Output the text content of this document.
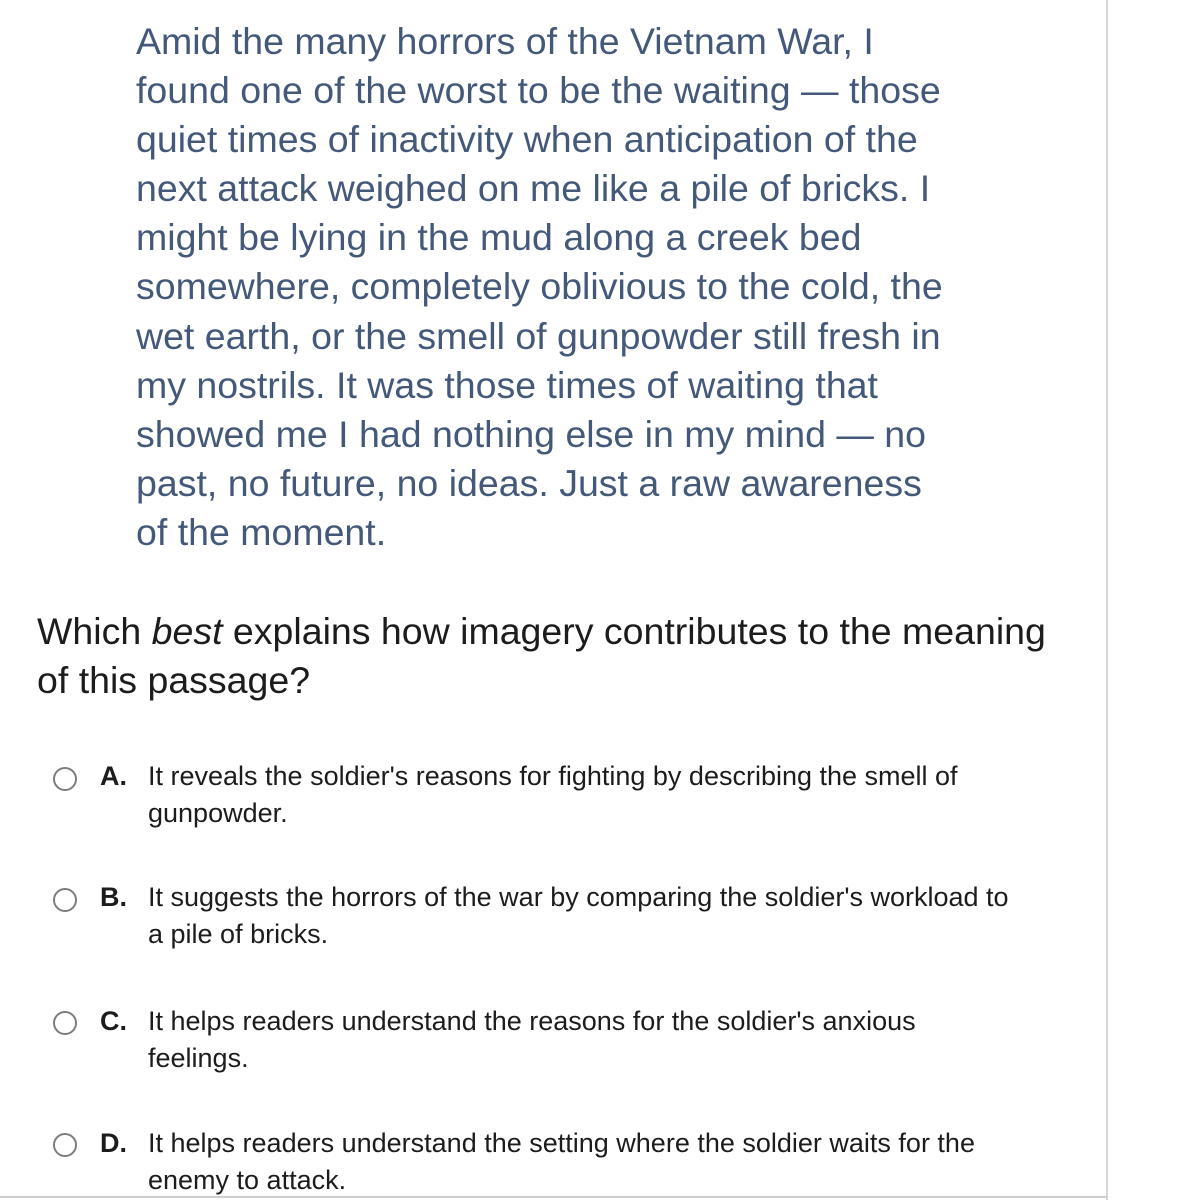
Amid the many horrors of the Vietnam War, I
found one of the worst to be the waiting — those
quiet times of inactivity when anticipation of the
next attack weighed on me like a pile of bricks. I
might be lying in the mud along a creek bed
somewhere, completely oblivious to the cold, the
wet earth, or the smell of gunpowder still fresh in
my nostrils. It was those times of waiting that
showed me I had nothing else in my mind — no
past, no future, no ideas. Just a raw awareness
of the moment.
Which best explains how imagery contributes to the meaning
of this passage?
A. It reveals the soldier's reasons for fighting by describing the smell of
gunpowder.
B. It suggests the horrors of the war by comparing the soldier's workload to
a pile of bricks.
C. It helps readers understand the reasons for the soldier's anxious
feelings.
D. It helps readers understand the setting where the soldier waits for the
enemy to attack.
